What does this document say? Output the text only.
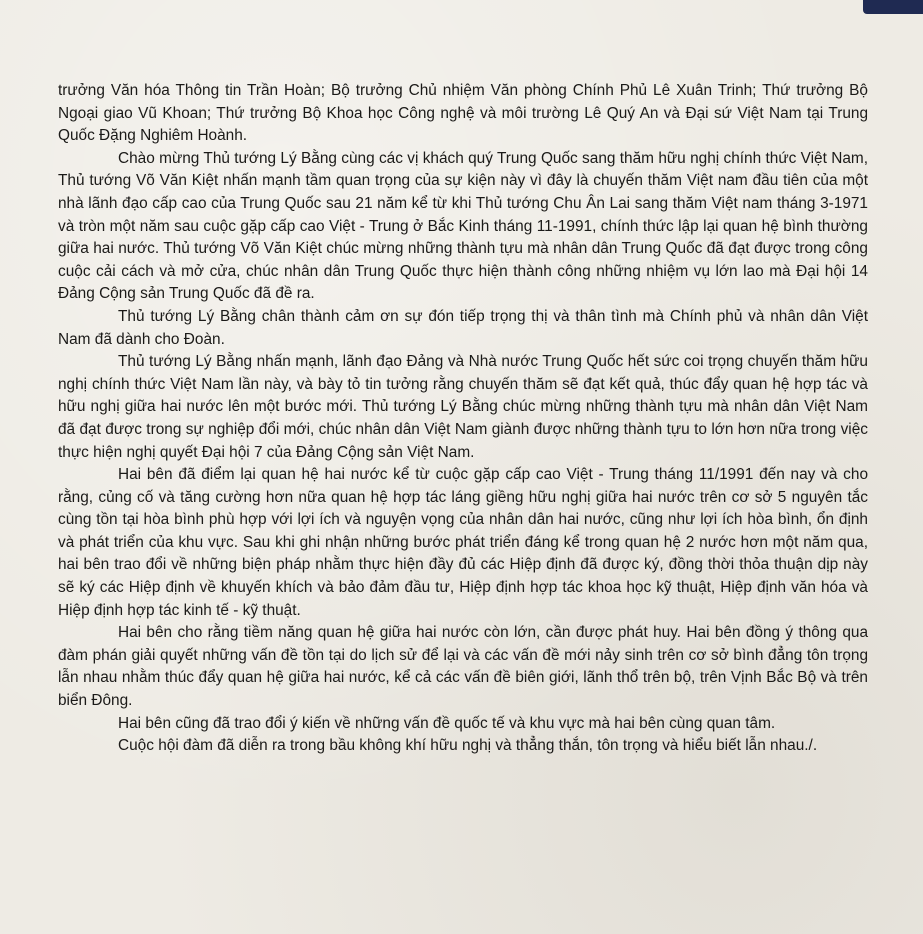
trưởng Văn hóa Thông tin Trần Hoàn; Bộ trưởng Chủ nhiệm Văn phòng Chính Phủ Lê Xuân Trinh; Thứ trưởng Bộ Ngoại giao Vũ Khoan; Thứ trưởng Bộ Khoa học Công nghệ và môi trường Lê Quý An và Đại sứ Việt Nam tại Trung Quốc Đặng Nghiêm Hoành.

Chào mừng Thủ tướng Lý Bằng cùng các vị khách quý Trung Quốc sang thăm hữu nghị chính thức Việt Nam, Thủ tướng Võ Văn Kiệt nhấn mạnh tầm quan trọng của sự kiện này vì đây là chuyến thăm Việt nam đầu tiên của một nhà lãnh đạo cấp cao của Trung Quốc sau 21 năm kể từ khi Thủ tướng Chu Ân Lai sang thăm Việt nam tháng 3-1971 và tròn một năm sau cuộc gặp cấp cao Việt - Trung ở Bắc Kinh tháng 11-1991, chính thức lập lại quan hệ bình thường giữa hai nước. Thủ tướng Võ Văn Kiệt chúc mừng những thành tựu mà nhân dân Trung Quốc đã đạt được trong công cuộc cải cách và mở cửa, chúc nhân dân Trung Quốc thực hiện thành công những nhiệm vụ lớn lao mà Đại hội 14 Đảng Cộng sản Trung Quốc đã đề ra.

Thủ tướng Lý Bằng chân thành cảm ơn sự đón tiếp trọng thị và thân tình mà Chính phủ và nhân dân Việt Nam đã dành cho Đoàn.

Thủ tướng Lý Bằng nhấn mạnh, lãnh đạo Đảng và Nhà nước Trung Quốc hết sức coi trọng chuyến thăm hữu nghị chính thức Việt Nam lần này, và bày tỏ tin tưởng rằng chuyến thăm sẽ đạt kết quả, thúc đẩy quan hệ hợp tác và hữu nghị giữa hai nước lên một bước mới. Thủ tướng Lý Bằng chúc mừng những thành tựu mà nhân dân Việt Nam đã đạt được trong sự nghiệp đổi mới, chúc nhân dân Việt Nam giành được những thành tựu to lớn hơn nữa trong việc thực hiện nghị quyết Đại hội 7 của Đảng Cộng sản Việt Nam.

Hai bên đã điểm lại quan hệ hai nước kể từ cuộc gặp cấp cao Việt - Trung tháng 11/1991 đến nay và cho rằng, củng cố và tăng cường hơn nữa quan hệ hợp tác láng giềng hữu nghị giữa hai nước trên cơ sở 5 nguyên tắc cùng tồn tại hòa bình phù hợp với lợi ích và nguyện vọng của nhân dân hai nước, cũng như lợi ích hòa bình, ổn định và phát triển của khu vực. Sau khi ghi nhận những bước phát triển đáng kể trong quan hệ 2 nước hơn một năm qua, hai bên trao đổi về những biện pháp nhằm thực hiện đầy đủ các Hiệp định đã được ký, đồng thời thỏa thuận dịp này sẽ ký các Hiệp định về khuyến khích và bảo đảm đầu tư, Hiệp định hợp tác khoa học kỹ thuật, Hiệp định văn hóa và Hiệp định hợp tác kinh tế - kỹ thuật.

Hai bên cho rằng tiềm năng quan hệ giữa hai nước còn lớn, cần được phát huy. Hai bên đồng ý thông qua đàm phán giải quyết những vấn đề tồn tại do lịch sử để lại và các vấn đề mới nảy sinh trên cơ sở bình đẳng tôn trọng lẫn nhau nhằm thúc đẩy quan hệ giữa hai nước, kể cả các vấn đề biên giới, lãnh thổ trên bộ, trên Vịnh Bắc Bộ và trên biển Đông.

Hai bên cũng đã trao đổi ý kiến về những vấn đề quốc tế và khu vực mà hai bên cùng quan tâm.

Cuộc hội đàm đã diễn ra trong bầu không khí hữu nghị và thẳng thắn, tôn trọng và hiểu biết lẫn nhau./.
